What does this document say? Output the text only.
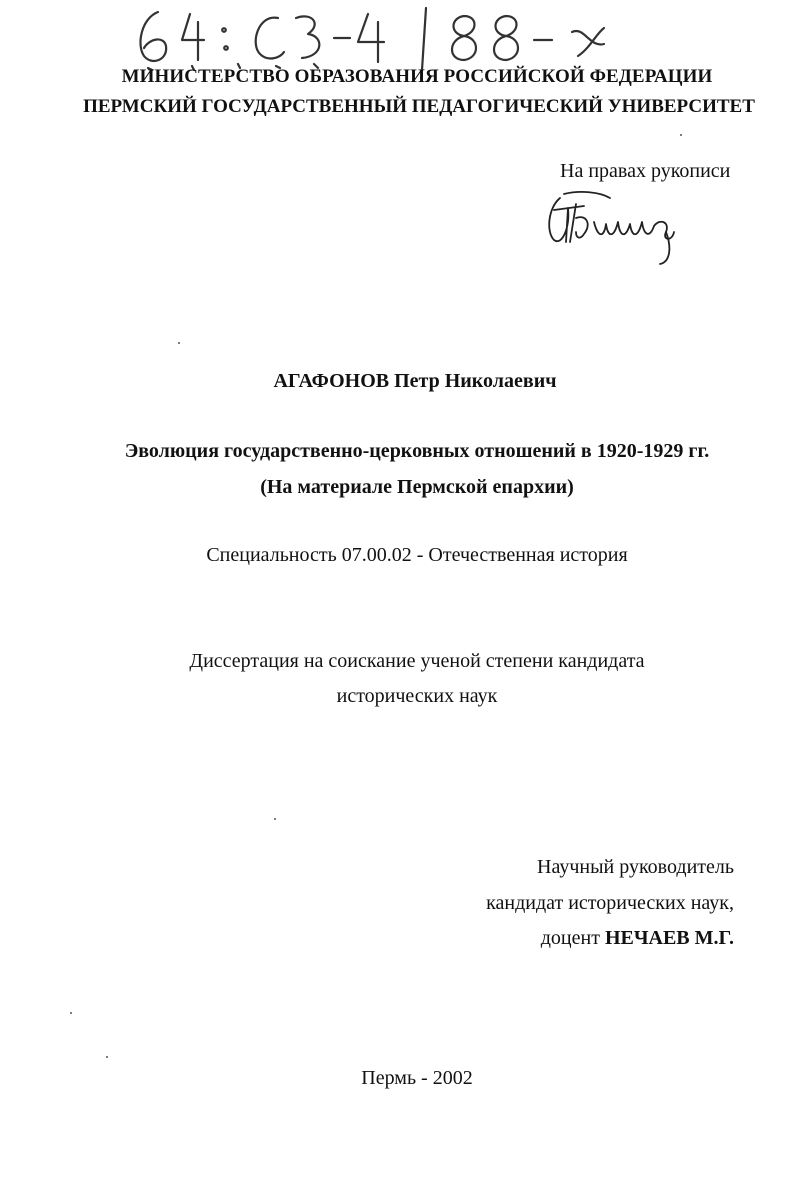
МИНИСТЕРСТВО ОБРАЗОВАНИЯ РОССИЙСКОЙ ФЕДЕРАЦИИ
ПЕРМСКИЙ ГОСУДАРСТВЕННЫЙ ПЕДАГОГИЧЕСКИЙ УНИВЕРСИТЕТ
На правах рукописи
АГАФОНОВ Петр Николаевич
Эволюция государственно-церковных отношений в 1920-1929 гг.
(На материале Пермской епархии)
Специальность 07.00.02 - Отечественная история
Диссертация на соискание ученой степени кандидата
исторических наук
Научный руководитель
кандидат исторических наук,
доцент НЕЧАЕВ М.Г.
Пермь - 2002
